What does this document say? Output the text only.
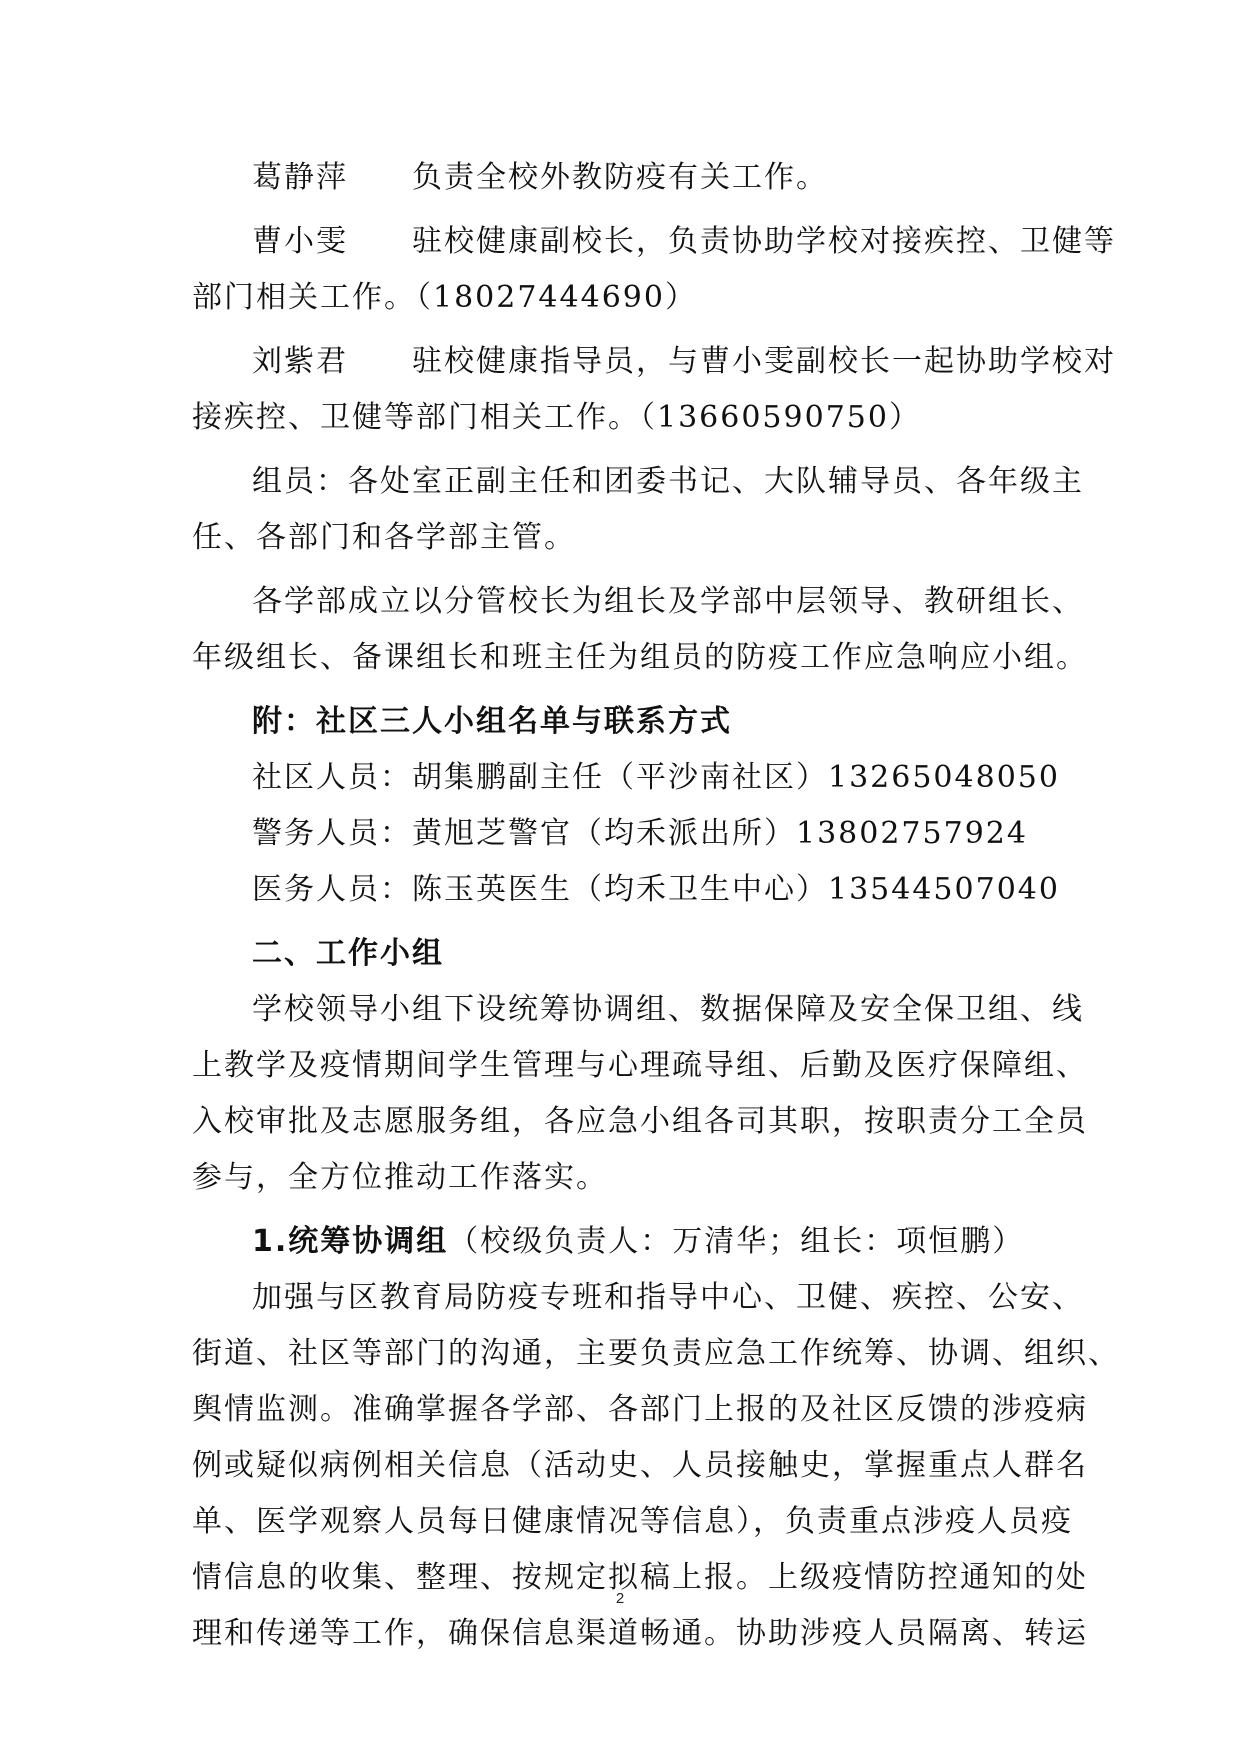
葛静萍 负责全校外教防疫有关工作。
曹小雯 驻校健康副校长，负责协助学校对接疾控、卫健等
部门相关工作。（18027444690）
刘紫君 驻校健康指导员，与曹小雯副校长一起协助学校对
接疾控、卫健等部门相关工作。（13660590750）
组员：各处室正副主任和团委书记、大队辅导员、各年级主
任、各部门和各学部主管。
各学部成立以分管校长为组长及学部中层领导、教研组长、
年级组长、备课组长和班主任为组员的防疫工作应急响应小组。
附：社区三人小组名单与联系方式
社区人员：胡集鹏副主任（平沙南社区）13265048050
警务人员：黄旭芝警官（均禾派出所）13802757924
医务人员：陈玉英医生（均禾卫生中心）13544507040
二、工作小组
学校领导小组下设统筹协调组、数据保障及安全保卫组、线
上教学及疫情期间学生管理与心理疏导组、后勤及医疗保障组、
入校审批及志愿服务组，各应急小组各司其职，按职责分工全员
参与，全方位推动工作落实。
1.统筹协调组（校级负责人：万清华；组长：项恒鹏）
加强与区教育局防疫专班和指导中心、卫健、疾控、公安、
街道、社区等部门的沟通，主要负责应急工作统筹、协调、组织、
舆情监测。准确掌握各学部、各部门上报的及社区反馈的涉疫病
例或疑似病例相关信息（活动史、人员接触史，掌握重点人群名
单、医学观察人员每日健康情况等信息），负责重点涉疫人员疫
情信息的收集、整理、按规定拟稿上报。上级疫情防控通知的处
理和传递等工作，确保信息渠道畅通。协助涉疫人员隔离、转运
2
